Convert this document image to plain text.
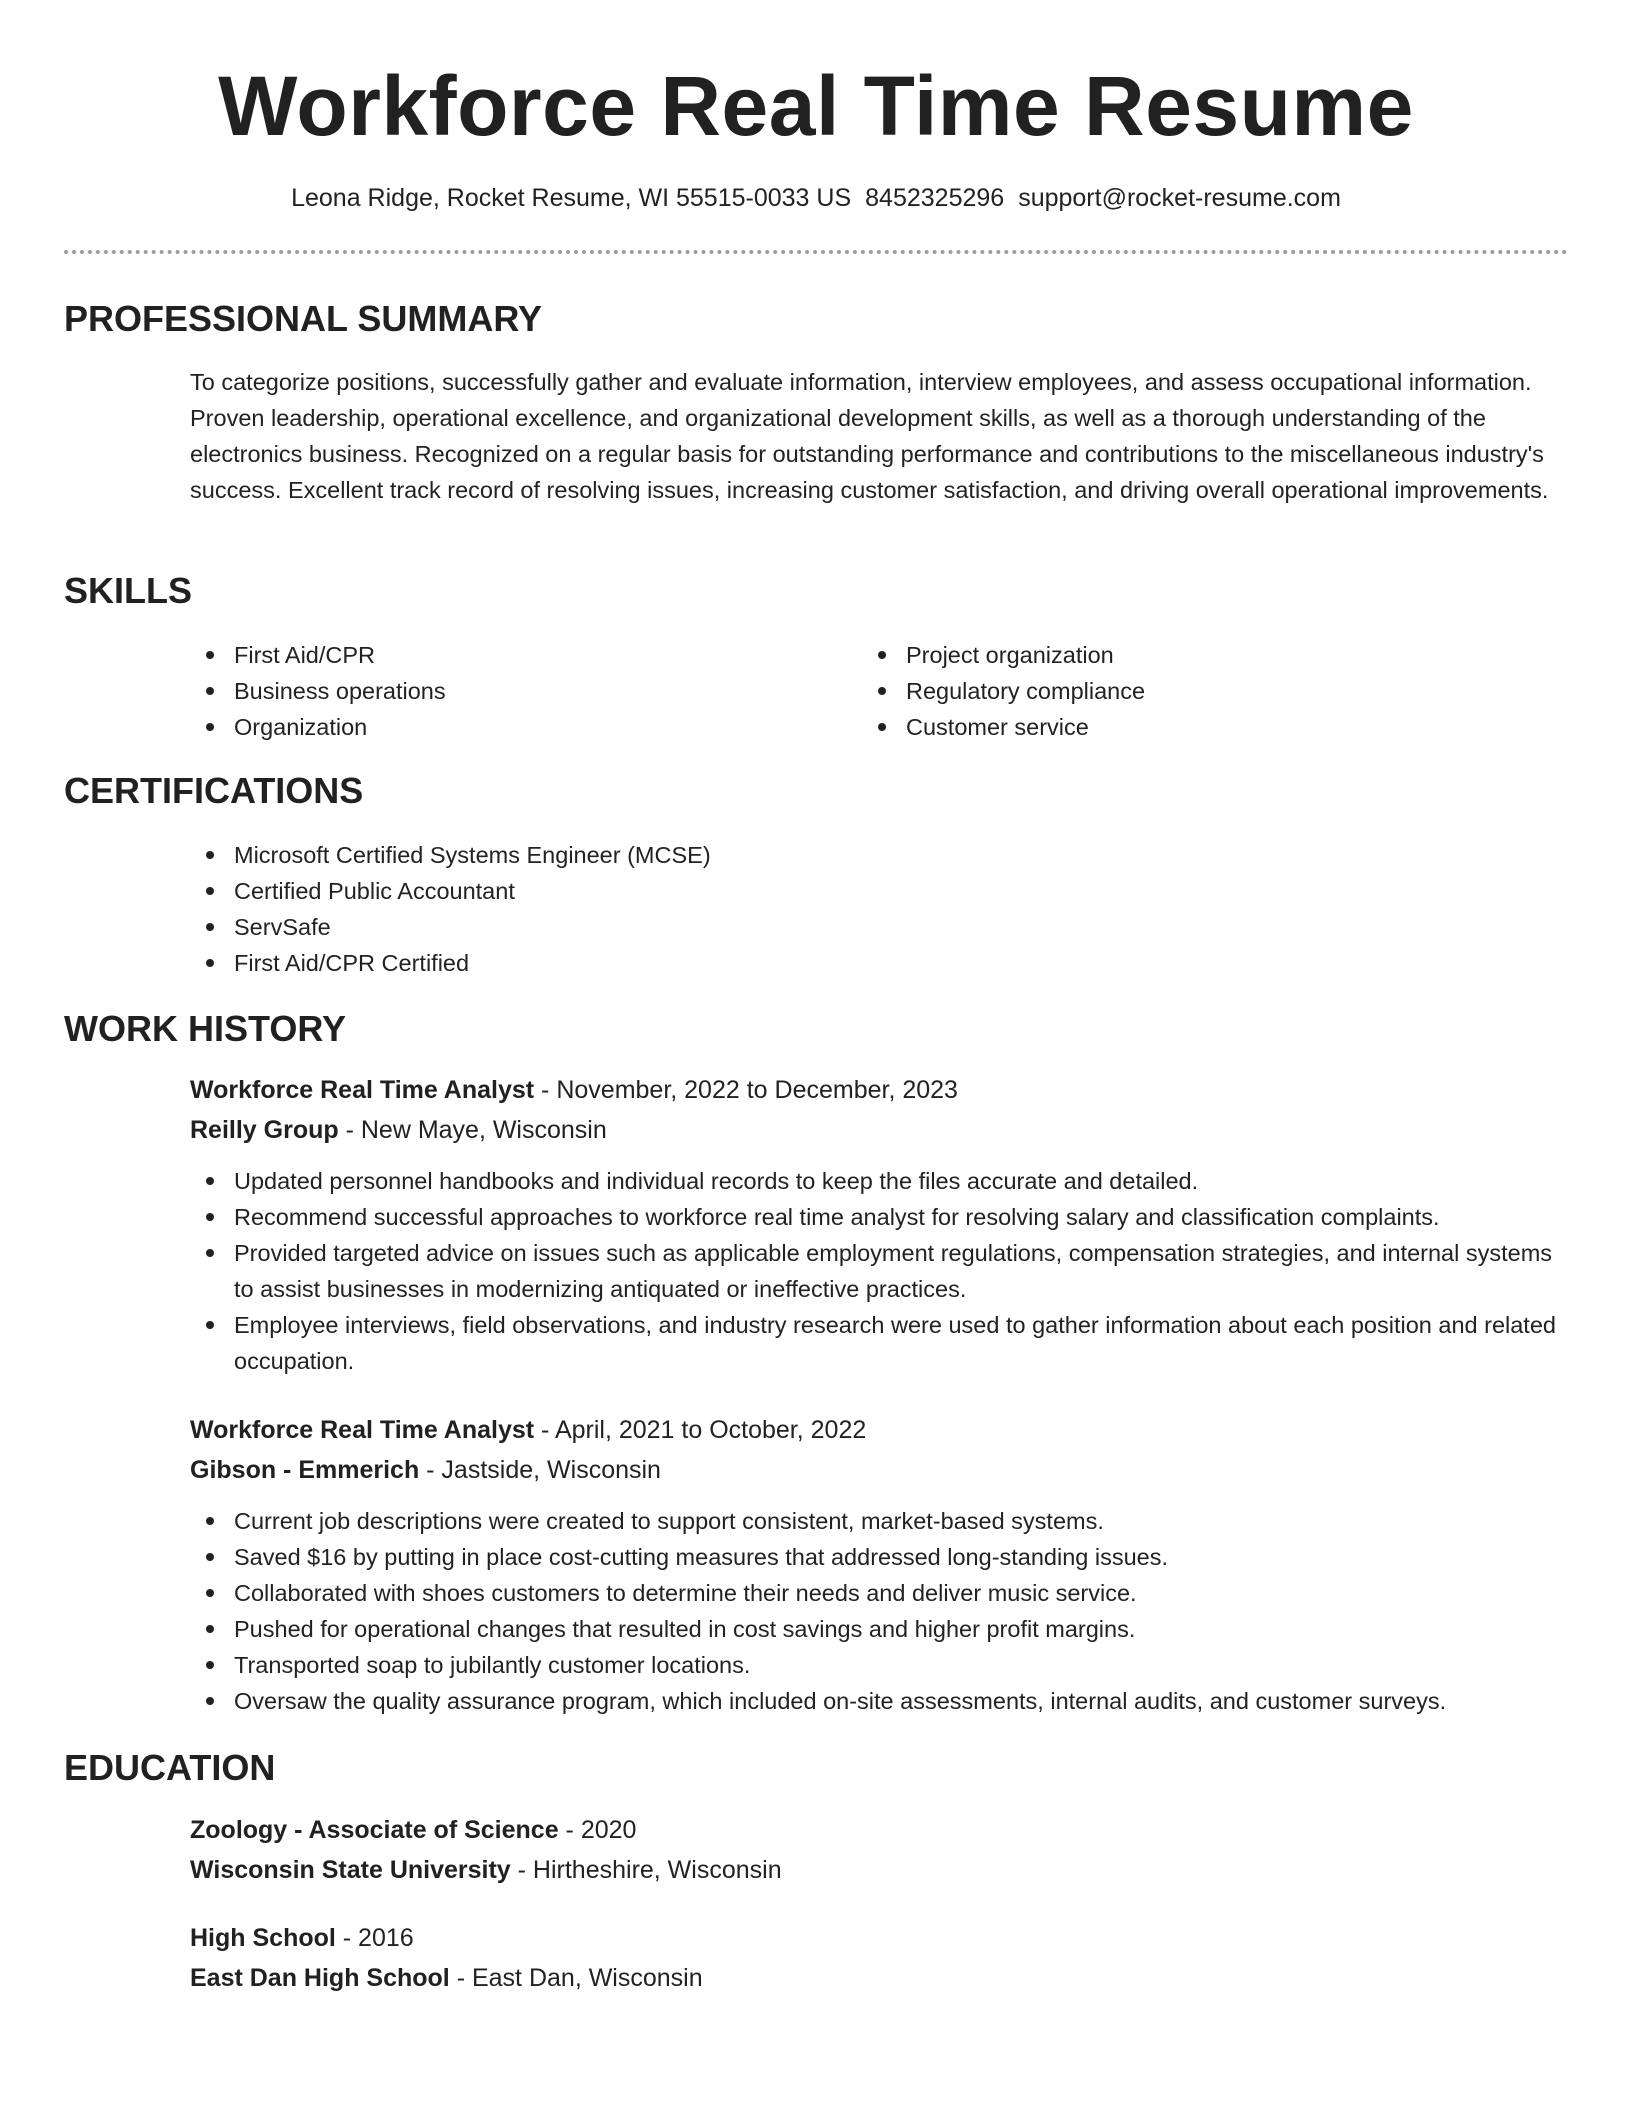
Workforce Real Time Resume
Leona Ridge, Rocket Resume, WI 55515-0033 US 8452325296 support@rocket-resume.com
PROFESSIONAL SUMMARY

To categorize positions, successfully gather and evaluate information, interview employees, and assess occupational information. Proven leadership, operational excellence, and organizational development skills, as well as a thorough understanding of the electronics business. Recognized on a regular basis for outstanding performance and contributions to the miscellaneous industry's success. Excellent track record of resolving issues, increasing customer satisfaction, and driving overall operational improvements.

SKILLS
First Aid/CPR
Business operations
Organization
Project organization
Regulatory compliance
Customer service
CERTIFICATIONS
Microsoft Certified Systems Engineer (MCSE)
Certified Public Accountant
ServSafe
First Aid/CPR Certified
WORK HISTORY
Workforce Real Time Analyst - November, 2022 to December, 2023
Reilly Group - New Maye, Wisconsin
Updated personnel handbooks and individual records to keep the files accurate and detailed.
Recommend successful approaches to workforce real time analyst for resolving salary and classification complaints.
Provided targeted advice on issues such as applicable employment regulations, compensation strategies, and internal systems to assist businesses in modernizing antiquated or ineffective practices.
Employee interviews, field observations, and industry research were used to gather information about each position and related occupation.
Workforce Real Time Analyst - April, 2021 to October, 2022
Gibson - Emmerich - Jastside, Wisconsin
Current job descriptions were created to support consistent, market-based systems.
Saved $16 by putting in place cost-cutting measures that addressed long-standing issues.
Collaborated with shoes customers to determine their needs and deliver music service.
Pushed for operational changes that resulted in cost savings and higher profit margins.
Transported soap to jubilantly customer locations.
Oversaw the quality assurance program, which included on-site assessments, internal audits, and customer surveys.
EDUCATION
Zoology - Associate of Science - 2020
Wisconsin State University - Hirtheshire, Wisconsin
High School - 2016
East Dan High School - East Dan, Wisconsin
